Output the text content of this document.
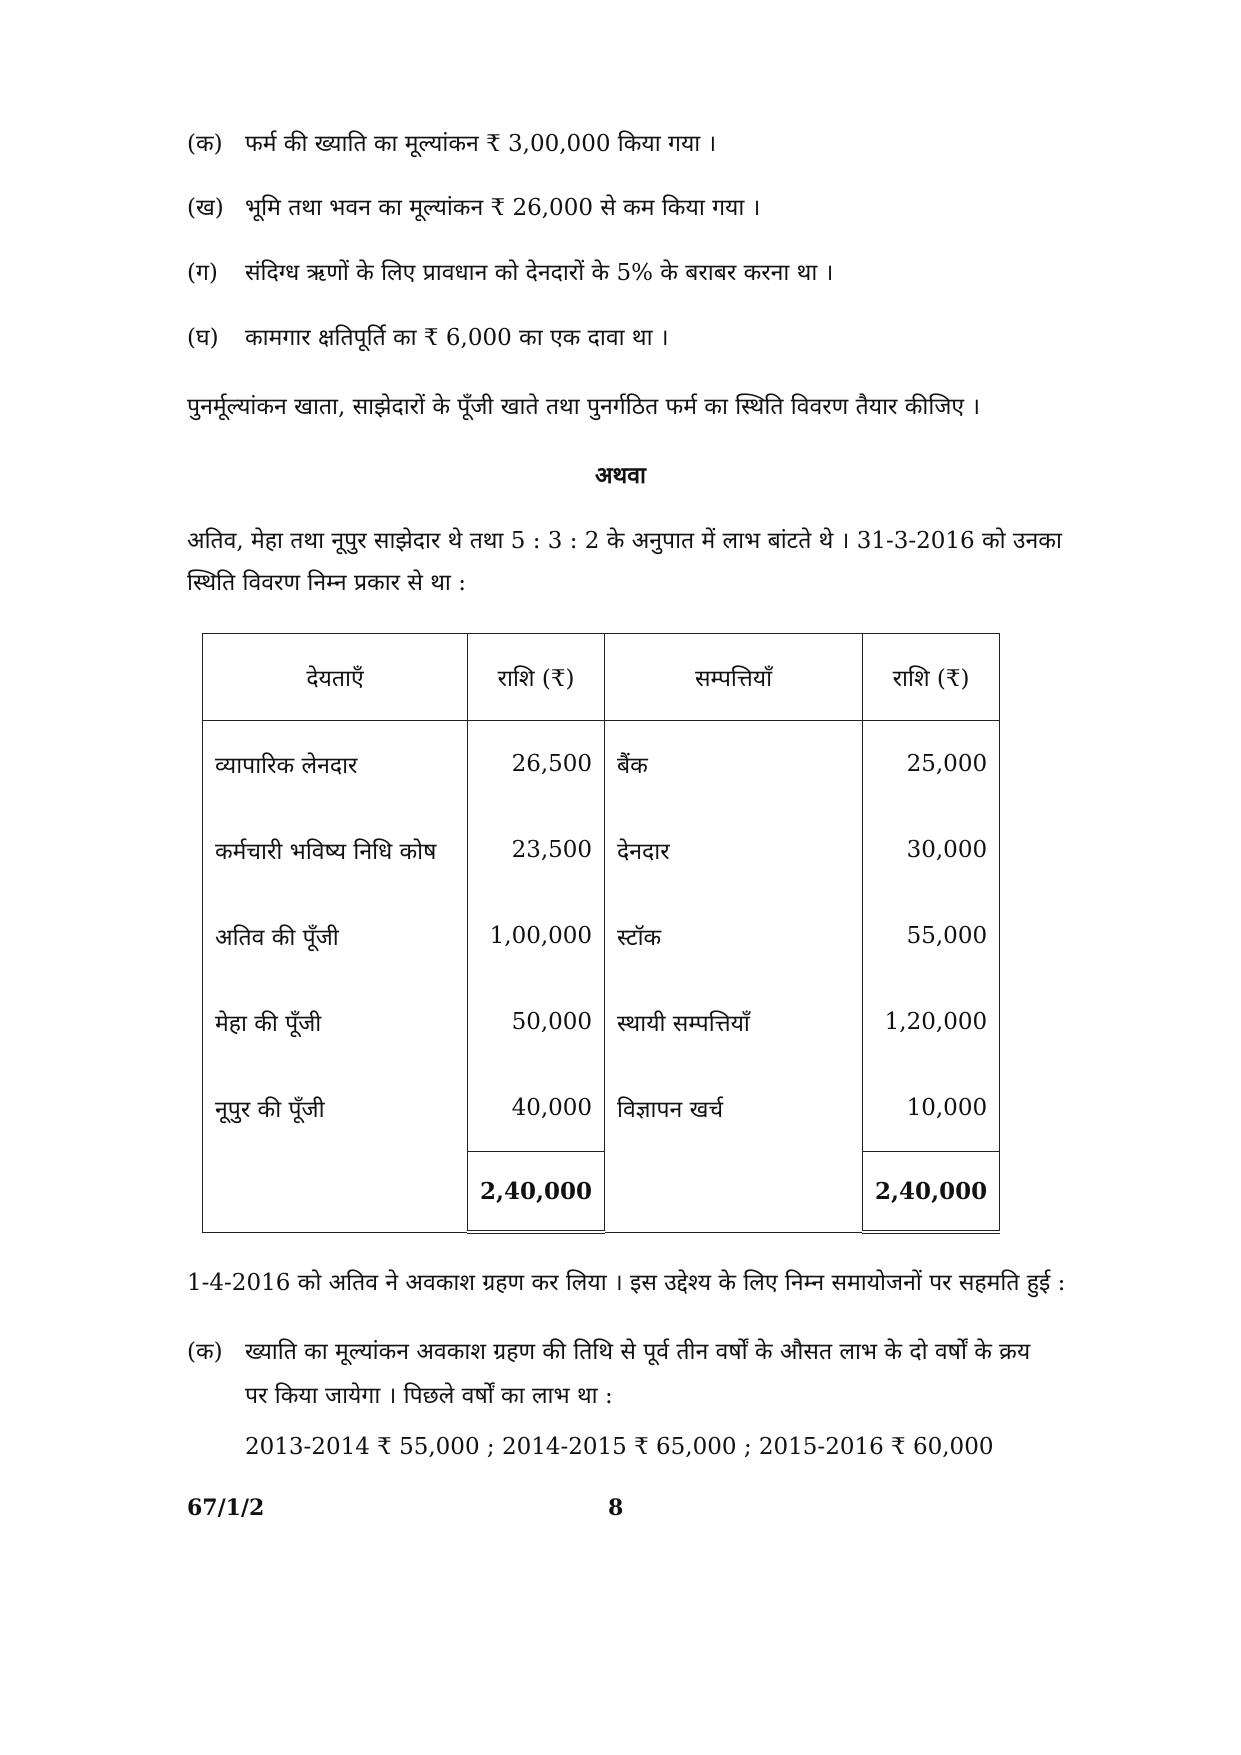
(क) फर्म की ख्याति का मूल्यांकन ₹ 3,00,000 किया गया ।
(ख) भूमि तथा भवन का मूल्यांकन ₹ 26,000 से कम किया गया ।
(ग) संदिग्ध ऋणों के लिए प्रावधान को देनदारों के 5% के बराबर करना था ।
(घ) कामगार क्षतिपूर्ति का ₹ 6,000 का एक दावा था ।
पुनर्मूल्यांकन खाता, साझेदारों के पूँजी खाते तथा पुनर्गठित फर्म का स्थिति विवरण तैयार कीजिए ।
अथवा
अतिव, मेहा तथा नूपुर साझेदार थे तथा 5 : 3 : 2 के अनुपात में लाभ बांटते थे । 31-3-2016 को उनका स्थिति विवरण निम्न प्रकार से था :
देयताएँ	राशि (₹)	सम्पत्तियाँ	राशि (₹)
व्यापारिक लेनदार	26,500	बैंक	25,000
कर्मचारी भविष्य निधि कोष	23,500	देनदार	30,000
अतिव की पूँजी	1,00,000	स्टॉक	55,000
मेहा की पूँजी	50,000	स्थायी सम्पत्तियाँ	1,20,000
नूपुर की पूँजी	40,000	विज्ञापन खर्च	10,000
	2,40,000		2,40,000
1-4-2016 को अतिव ने अवकाश ग्रहण कर लिया । इस उद्देश्य के लिए निम्न समायोजनों पर सहमति हुई :
(क) ख्याति का मूल्यांकन अवकाश ग्रहण की तिथि से पूर्व तीन वर्षों के औसत लाभ के दो वर्षों के क्रय
पर किया जायेगा । पिछले वर्षों का लाभ था :
2013-2014 ₹ 55,000 ; 2014-2015 ₹ 65,000 ; 2015-2016 ₹ 60,000
67/1/2	8
